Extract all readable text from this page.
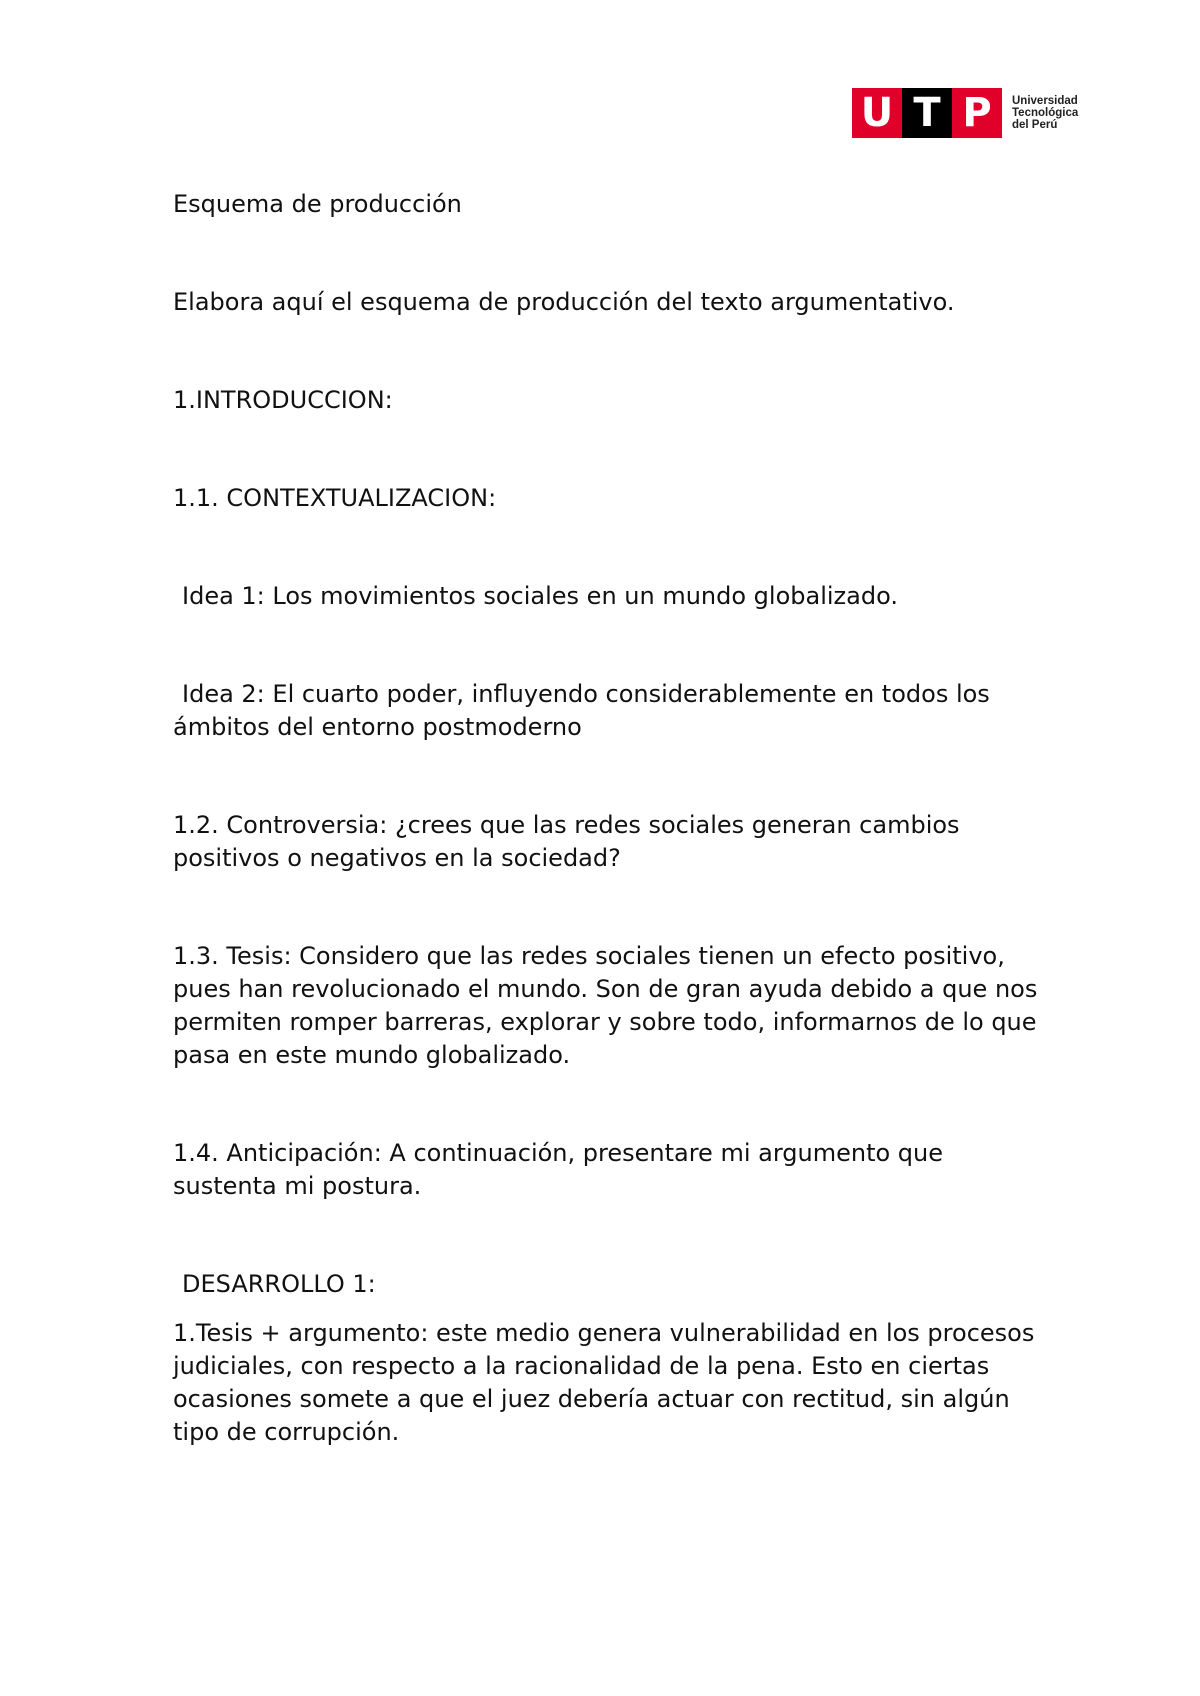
U T P	Universidad
Tecnológica
del Perú

Esquema de producción

Elabora aquí el esquema de producción del texto argumentativo.

1.INTRODUCCION:

1.1. CONTEXTUALIZACION:

Idea 1: Los movimientos sociales en un mundo globalizado.

Idea 2: El cuarto poder, influyendo considerablemente en todos los ámbitos del entorno postmoderno

1.2. Controversia: ¿crees que las redes sociales generan cambios positivos o negativos en la sociedad?

1.3. Tesis: Considero que las redes sociales tienen un efecto positivo, pues han revolucionado el mundo. Son de gran ayuda debido a que nos permiten romper barreras, explorar y sobre todo, informarnos de lo que pasa en este mundo globalizado.

1.4. Anticipación: A continuación, presentare mi argumento que sustenta mi postura.

DESARROLLO 1:

1.Tesis + argumento: este medio genera vulnerabilidad en los procesos judiciales, con respecto a la racionalidad de la pena. Esto en ciertas ocasiones somete a que el juez debería actuar con rectitud, sin algún tipo de corrupción.
